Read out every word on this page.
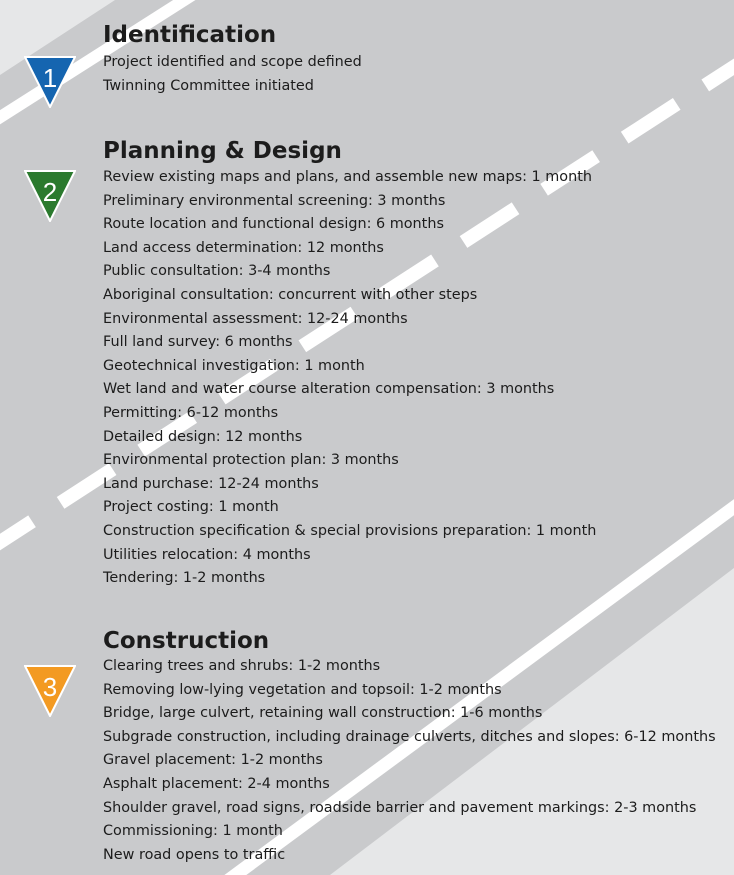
1
Identification
Project identified and scope defined
Twinning Committee initiated
2
Planning & Design
Review existing maps and plans, and assemble new maps: 1 month
Preliminary environmental screening: 3 months
Route location and functional design: 6 months
Land access determination: 12 months
Public consultation: 3-4 months
Aboriginal consultation: concurrent with other steps
Environmental assessment: 12-24 months
Full land survey: 6 months
Geotechnical investigation: 1 month
Wet land and water course alteration compensation: 3 months
Permitting: 6-12 months
Detailed design: 12 months
Environmental protection plan: 3 months
Land purchase: 12-24 months
Project costing: 1 month
Construction specification & special provisions preparation: 1 month
Utilities relocation: 4 months
Tendering: 1-2 months
3
Construction
Clearing trees and shrubs: 1-2 months
Removing low-lying vegetation and topsoil: 1-2 months
Bridge, large culvert, retaining wall construction: 1-6 months
Subgrade construction, including drainage culverts, ditches and slopes: 6-12 months
Gravel placement: 1-2 months
Asphalt placement: 2-4 months
Shoulder gravel, road signs, roadside barrier and pavement markings: 2-3 months
Commissioning: 1 month
New road opens to traffic
